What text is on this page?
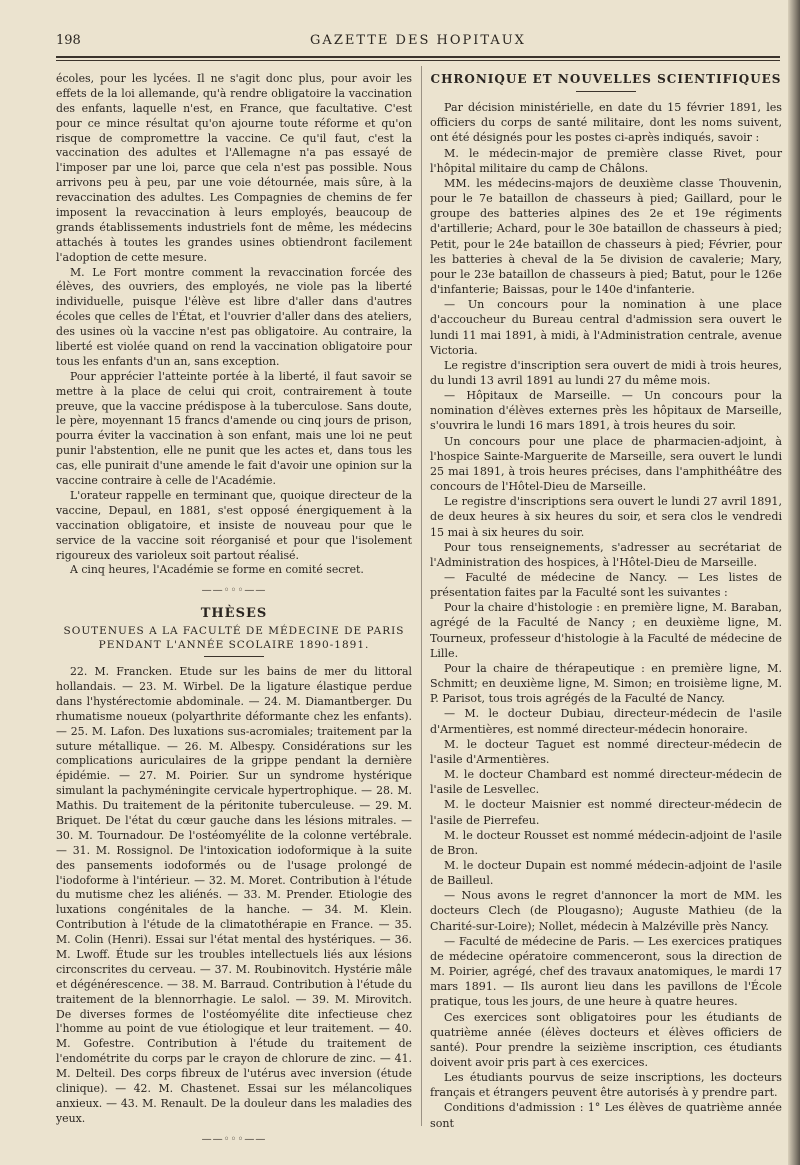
198	GAZETTE DES HOPITAUX

écoles, pour les lycées. Il ne s'agit donc plus, pour avoir les effets de la loi allemande, qu'à rendre obligatoire la vaccination des enfants, laquelle n'est, en France, que facultative. C'est pour ce mince résultat qu'on ajourne toute réforme et qu'on risque de compromettre la vaccine. Ce qu'il faut, c'est la vaccination des adultes et l'Allemagne n'a pas essayé de l'imposer par une loi, parce que cela n'est pas possible. Nous arrivons peu à peu, par une voie détournée, mais sûre, à la revaccination des adultes. Les Compagnies de chemins de fer imposent la revaccination à leurs employés, beaucoup de grands établissements industriels font de même, les médecins attachés à toutes les grandes usines obtiendront facilement l'adoption de cette mesure.

M. Le Fort montre comment la revaccination forcée des élèves, des ouvriers, des employés, ne viole pas la liberté individuelle, puisque l'élève est libre d'aller dans d'autres écoles que celles de l'État, et l'ouvrier d'aller dans des ateliers, des usines où la vaccine n'est pas obligatoire. Au contraire, la liberté est violée quand on rend la vaccination obligatoire pour tous les enfants d'un an, sans exception.

Pour apprécier l'atteinte portée à la liberté, il faut savoir se mettre à la place de celui qui croit, contrairement à toute preuve, que la vaccine prédispose à la tuberculose. Sans doute, le père, moyennant 15 francs d'amende ou cinq jours de prison, pourra éviter la vaccination à son enfant, mais une loi ne peut punir l'abstention, elle ne punit que les actes et, dans tous les cas, elle punirait d'une amende le fait d'avoir une opinion sur la vaccine contraire à celle de l'Académie.

L'orateur rappelle en terminant que, quoique directeur de la vaccine, Depaul, en 1881, s'est opposé énergiquement à la vaccination obligatoire, et insiste de nouveau pour que le service de la vaccine soit réorganisé et pour que l'isolement rigoureux des varioleux soit partout réalisé.

A cinq heures, l'Académie se forme en comité secret.

——◦◦◦——
THÈSES
SOUTENUES A LA FACULTÉ DE MÉDECINE DE PARIS
PENDANT L'ANNÉE SCOLAIRE 1890-1891.

22. M. Francken. Etude sur les bains de mer du littoral hollandais. — 23. M. Wirbel. De la ligature élastique perdue dans l'hystérectomie abdominale. — 24. M. Diamantberger. Du rhumatisme noueux (polyarthrite déformante chez les enfants). — 25. M. Lafon. Des luxations sus-acromiales; traitement par la suture métallique. — 26. M. Albespy. Considérations sur les complications auriculaires de la grippe pendant la dernière épidémie. — 27. M. Poirier. Sur un syndrome hystérique simulant la pachyméningite cervicale hypertrophique. — 28. M. Mathis. Du traitement de la péritonite tuberculeuse. — 29. M. Briquet. De l'état du cœur gauche dans les lésions mitrales. — 30. M. Tournadour. De l'ostéomyélite de la colonne vertébrale. — 31. M. Rossignol. De l'intoxication iodoformique à la suite des pansements iodoformés ou de l'usage prolongé de l'iodoforme à l'intérieur. — 32. M. Moret. Contribution à l'étude du mutisme chez les aliénés. — 33. M. Prender. Etiologie des luxations congénitales de la hanche. — 34. M. Klein. Contribution à l'étude de la climatothérapie en France. — 35. M. Colin (Henri). Essai sur l'état mental des hystériques. — 36. M. Lwoff. Étude sur les troubles intellectuels liés aux lésions circonscrites du cerveau. — 37. M. Roubinovitch. Hystérie mâle et dégénérescence. — 38. M. Barraud. Contribution à l'étude du traitement de la blennorrhagie. Le salol. — 39. M. Mirovitch. De diverses formes de l'ostéomyélite dite infectieuse chez l'homme au point de vue étiologique et leur traitement. — 40. M. Gofestre. Contribution à l'étude du traitement de l'endométrite du corps par le crayon de chlorure de zinc. — 41. M. Delteil. Des corps fibreux de l'utérus avec inversion (étude clinique). — 42. M. Chastenet. Essai sur les mélancoliques anxieux. — 43. M. Renault. De la douleur dans les maladies des yeux.

——◦◦◦——
CHRONIQUE ET NOUVELLES SCIENTIFIQUES

Par décision ministérielle, en date du 15 février 1891, les officiers du corps de santé militaire, dont les noms suivent, ont été désignés pour les postes ci-après indiqués, savoir :

M. le médecin-major de première classe Rivet, pour l'hôpital militaire du camp de Châlons.

MM. les médecins-majors de deuxième classe Thouvenin, pour le 7e bataillon de chasseurs à pied; Gaillard, pour le groupe des batteries alpines des 2e et 19e régiments d'artillerie; Achard, pour le 30e bataillon de chasseurs à pied; Petit, pour le 24e bataillon de chasseurs à pied; Février, pour les batteries à cheval de la 5e division de cavalerie; Mary, pour le 23e bataillon de chasseurs à pied; Batut, pour le 126e d'infanterie; Baissas, pour le 140e d'infanterie.

— Un concours pour la nomination à une place d'accoucheur du Bureau central d'admission sera ouvert le lundi 11 mai 1891, à midi, à l'Administration centrale, avenue Victoria.

Le registre d'inscription sera ouvert de midi à trois heures, du lundi 13 avril 1891 au lundi 27 du même mois.

— Hôpitaux de Marseille. — Un concours pour la nomination d'élèves externes près les hôpitaux de Marseille, s'ouvrira le lundi 16 mars 1891, à trois heures du soir.

Un concours pour une place de pharmacien-adjoint, à l'hospice Sainte-Marguerite de Marseille, sera ouvert le lundi 25 mai 1891, à trois heures précises, dans l'amphithéâtre des concours de l'Hôtel-Dieu de Marseille.

Le registre d'inscriptions sera ouvert le lundi 27 avril 1891, de deux heures à six heures du soir, et sera clos le vendredi 15 mai à six heures du soir.

Pour tous renseignements, s'adresser au secrétariat de l'Administration des hospices, à l'Hôtel-Dieu de Marseille.

— Faculté de médecine de Nancy. — Les listes de présentation faites par la Faculté sont les suivantes :

Pour la chaire d'histologie : en première ligne, M. Baraban, agrégé de la Faculté de Nancy ; en deuxième ligne, M. Tourneux, professeur d'histologie à la Faculté de médecine de Lille.

Pour la chaire de thérapeutique : en première ligne, M. Schmitt; en deuxième ligne, M. Simon; en troisième ligne, M. P. Parisot, tous trois agrégés de la Faculté de Nancy.

— M. le docteur Dubiau, directeur-médecin de l'asile d'Armentières, est nommé directeur-médecin honoraire.

M. le docteur Taguet est nommé directeur-médecin de l'asile d'Armentières.

M. le docteur Chambard est nommé directeur-médecin de l'asile de Lesvellec.

M. le docteur Maisnier est nommé directeur-médecin de l'asile de Pierrefeu.

M. le docteur Rousset est nommé médecin-adjoint de l'asile de Bron.

M. le docteur Dupain est nommé médecin-adjoint de l'asile de Bailleul.

— Nous avons le regret d'annoncer la mort de MM. les docteurs Clech (de Plougasno); Auguste Mathieu (de la Charité-sur-Loire); Nollet, médecin à Malzéville près Nancy.

— Faculté de médecine de Paris. — Les exercices pratiques de médecine opératoire commenceront, sous la direction de M. Poirier, agrégé, chef des travaux anatomiques, le mardi 17 mars 1891. — Ils auront lieu dans les pavillons de l'École pratique, tous les jours, de une heure à quatre heures.

Ces exercices sont obligatoires pour les étudiants de quatrième année (élèves docteurs et élèves officiers de santé). Pour prendre la seizième inscription, ces étudiants doivent avoir pris part à ces exercices.

Les étudiants pourvus de seize inscriptions, les docteurs français et étrangers peuvent être autorisés à y prendre part.

Conditions d'admission : 1° Les élèves de quatrième année sont
